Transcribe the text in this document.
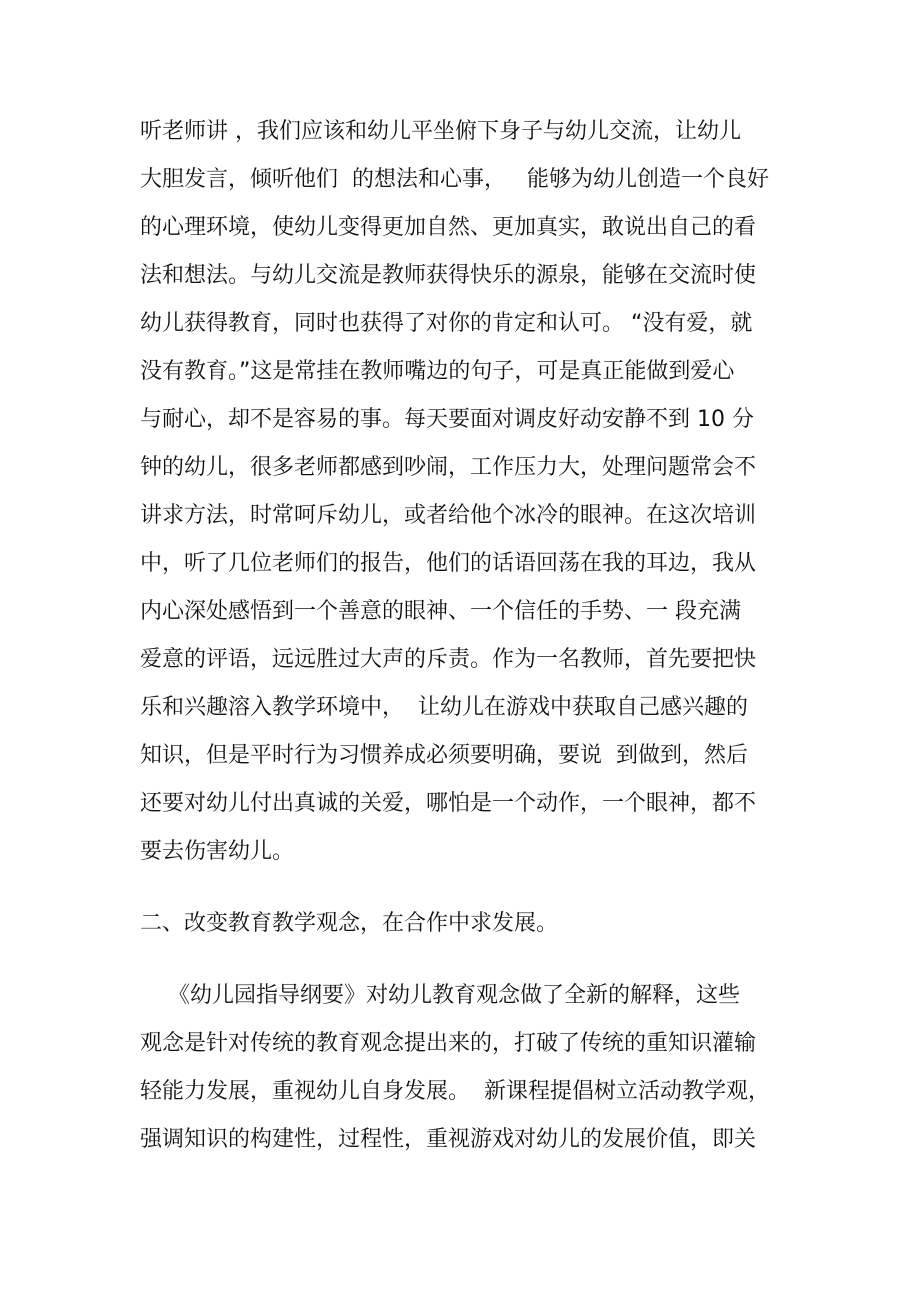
听老师讲 ，我们应该和幼儿平坐俯下身子与幼儿交流，让幼儿
大胆发言，倾听他们  的想法和心事，   能够为幼儿创造一个良好
的心理环境，使幼儿变得更加自然、更加真实，敢说出自己的看
法和想法。与幼儿交流是教师获得快乐的源泉，能够在交流时使
幼儿获得教育，同时也获得了对你的肯定和认可。 “没有爱，就
没有教育。”这是常挂在教师嘴边的句子，可是真正能做到爱心
与耐心，却不是容易的事。每天要面对调皮好动安静不到 10 分
钟的幼儿，很多老师都感到吵闹，工作压力大，处理问题常会不
讲求方法，时常呵斥幼儿，或者给他个冰冷的眼神。在这次培训
中，听了几位老师们的报告，他们的话语回荡在我的耳边，我从
内心深处感悟到一个善意的眼神、一个信任的手势、一 段充满
爱意的评语，远远胜过大声的斥责。作为一名教师，首先要把快
乐和兴趣溶入教学环境中，  让幼儿在游戏中获取自己感兴趣的
知识，但是平时行为习惯养成必须要明确，要说  到做到，然后
还要对幼儿付出真诚的关爱，哪怕是一个动作，一个眼神，都不
要去伤害幼儿。
二、改变教育教学观念，在合作中求发展。
《幼儿园指导纲要》对幼儿教育观念做了全新的解释，这些
观念是针对传统的教育观念提出来的，打破了传统的重知识灌输
轻能力发展，重视幼儿自身发展。  新课程提倡树立活动教学观，
强调知识的构建性，过程性，重视游戏对幼儿的发展价值，即关
